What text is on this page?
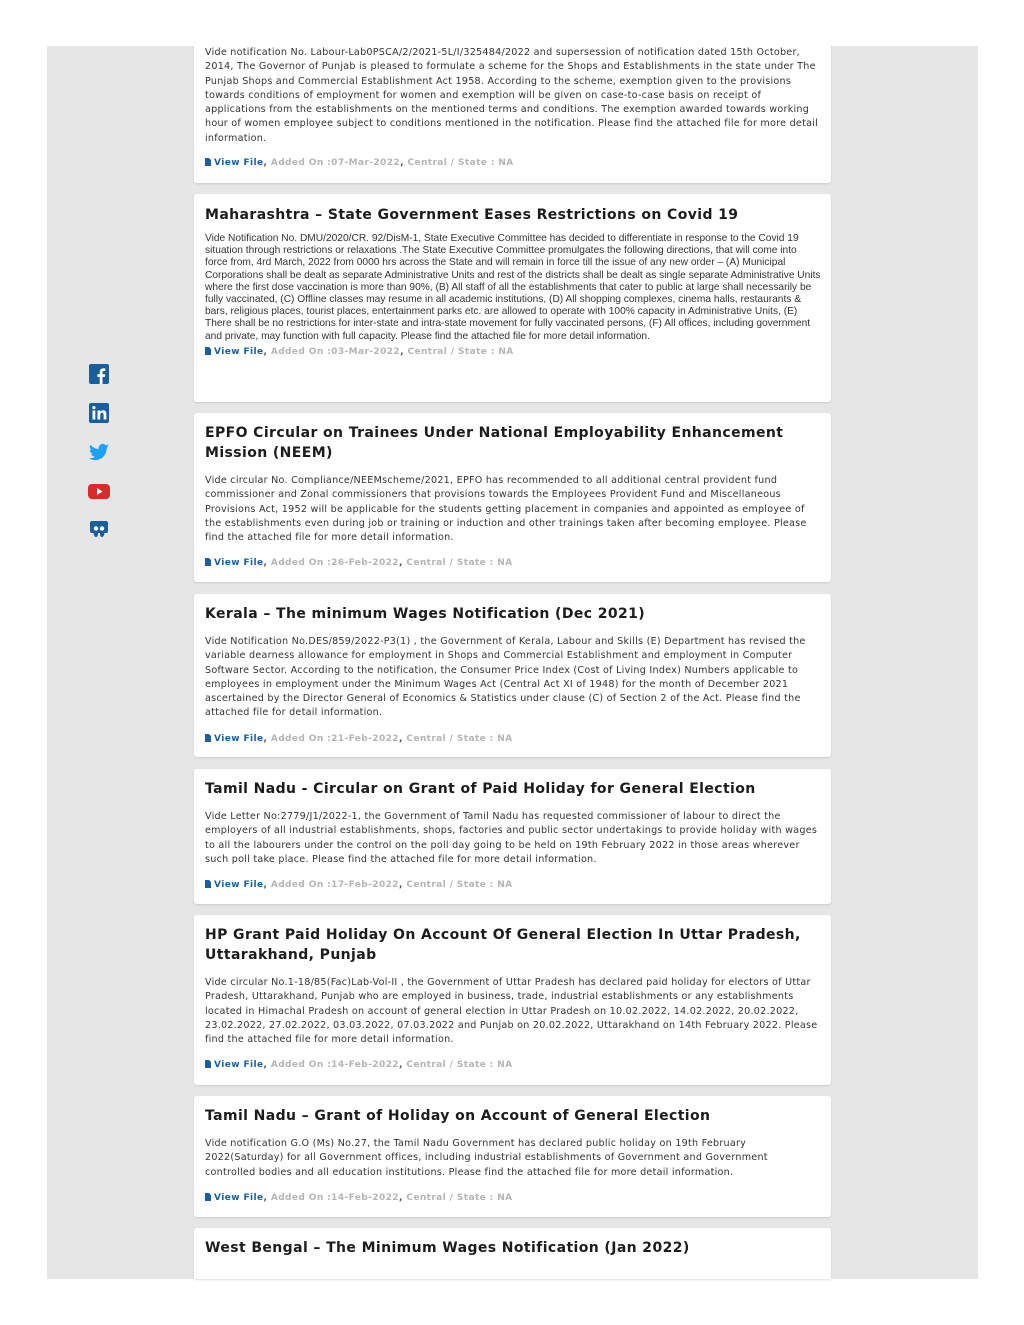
Vide notification No. Labour-Lab0PSCA/2/2021-5L/I/325484/2022 and supersession of notification dated 15th October, 2014, The Governor of Punjab is pleased to formulate a scheme for the Shops and Establishments in the state under The Punjab Shops and Commercial Establishment Act 1958. According to the scheme, exemption given to the provisions towards conditions of employment for women and exemption will be given on case-to-case basis on receipt of applications from the establishments on the mentioned terms and conditions. The exemption awarded towards working hour of women employee subject to conditions mentioned in the notification. Please find the attached file for more detail information.

View File, Added On :07-Mar-2022, Central / State : NA
Maharashtra – State Government Eases Restrictions on Covid 19

Vide Notification No. DMU/2020/CR. 92/DisM-1, State Executive Committee has decided to differentiate in response to the Covid 19 situation through restrictions or relaxations .The State Executive Committee promulgates the following directions, that will come into force from, 4rd March, 2022 from 0000 hrs across the State and will remain in force till the issue of any new order – (A) Municipal Corporations shall be dealt as separate Administrative Units and rest of the districts shall be dealt as single separate Administrative Units where the first dose vaccination is more than 90%, (B) All staff of all the establishments that cater to public at large shall necessarily be fully vaccinated, (C) Offline classes may resume in all academic institutions, (D) All shopping complexes, cinema halls, restaurants & bars, religious places, tourist places, entertainment parks etc. are allowed to operate with 100% capacity in Administrative Units, (E) There shall be no restrictions for inter-state and intra-state movement for fully vaccinated persons, (F) All offices, including government and private, may function with full capacity. Please find the attached file for more detail information.

View File, Added On :03-Mar-2022, Central / State : NA
EPFO Circular on Trainees Under National Employability Enhancement Mission (NEEM)

Vide circular No. Compliance/NEEMscheme/2021, EPFO has recommended to all additional central provident fund commissioner and Zonal commissioners that provisions towards the Employees Provident Fund and Miscellaneous Provisions Act, 1952 will be applicable for the students getting placement in companies and appointed as employee of the establishments even during job or training or induction and other trainings taken after becoming employee. Please find the attached file for more detail information.

View File, Added On :26-Feb-2022, Central / State : NA
Kerala – The minimum Wages Notification (Dec 2021)

Vide Notification No.DES/859/2022-P3(1) , the Government of Kerala, Labour and Skills (E) Department has revised the variable dearness allowance for employment in Shops and Commercial Establishment and employment in Computer Software Sector. According to the notification, the Consumer Price Index (Cost of Living Index) Numbers applicable to employees in employment under the Minimum Wages Act (Central Act XI of 1948) for the month of December 2021 ascertained by the Director General of Economics & Statistics under clause (C) of Section 2 of the Act. Please find the attached file for detail information.

View File, Added On :21-Feb-2022, Central / State : NA
Tamil Nadu - Circular on Grant of Paid Holiday for General Election

Vide Letter No:2779/J1/2022-1, the Government of Tamil Nadu has requested commissioner of labour to direct the employers of all industrial establishments, shops, factories and public sector undertakings to provide holiday with wages to all the labourers under the control on the poll day going to be held on 19th February 2022 in those areas wherever such poll take place. Please find the attached file for more detail information.

View File, Added On :17-Feb-2022, Central / State : NA
HP Grant Paid Holiday On Account Of General Election In Uttar Pradesh, Uttarakhand, Punjab

Vide circular No.1-18/85(Fac)Lab-Vol-II , the Government of Uttar Pradesh has declared paid holiday for electors of Uttar Pradesh, Uttarakhand, Punjab who are employed in business, trade, industrial establishments or any establishments located in Himachal Pradesh on account of general election in Uttar Pradesh on 10.02.2022, 14.02.2022, 20.02.2022, 23.02.2022, 27.02.2022, 03.03.2022, 07.03.2022 and Punjab on 20.02.2022, Uttarakhand on 14th February 2022. Please find the attached file for more detail information.

View File, Added On :14-Feb-2022, Central / State : NA
Tamil Nadu – Grant of Holiday on Account of General Election

Vide notification G.O (Ms) No.27, the Tamil Nadu Government has declared public holiday on 19th February 2022(Saturday) for all Government offices, including industrial establishments of Government and Government controlled bodies and all education institutions. Please find the attached file for more detail information.

View File, Added On :14-Feb-2022, Central / State : NA
West Bengal – The Minimum Wages Notification (Jan 2022)
